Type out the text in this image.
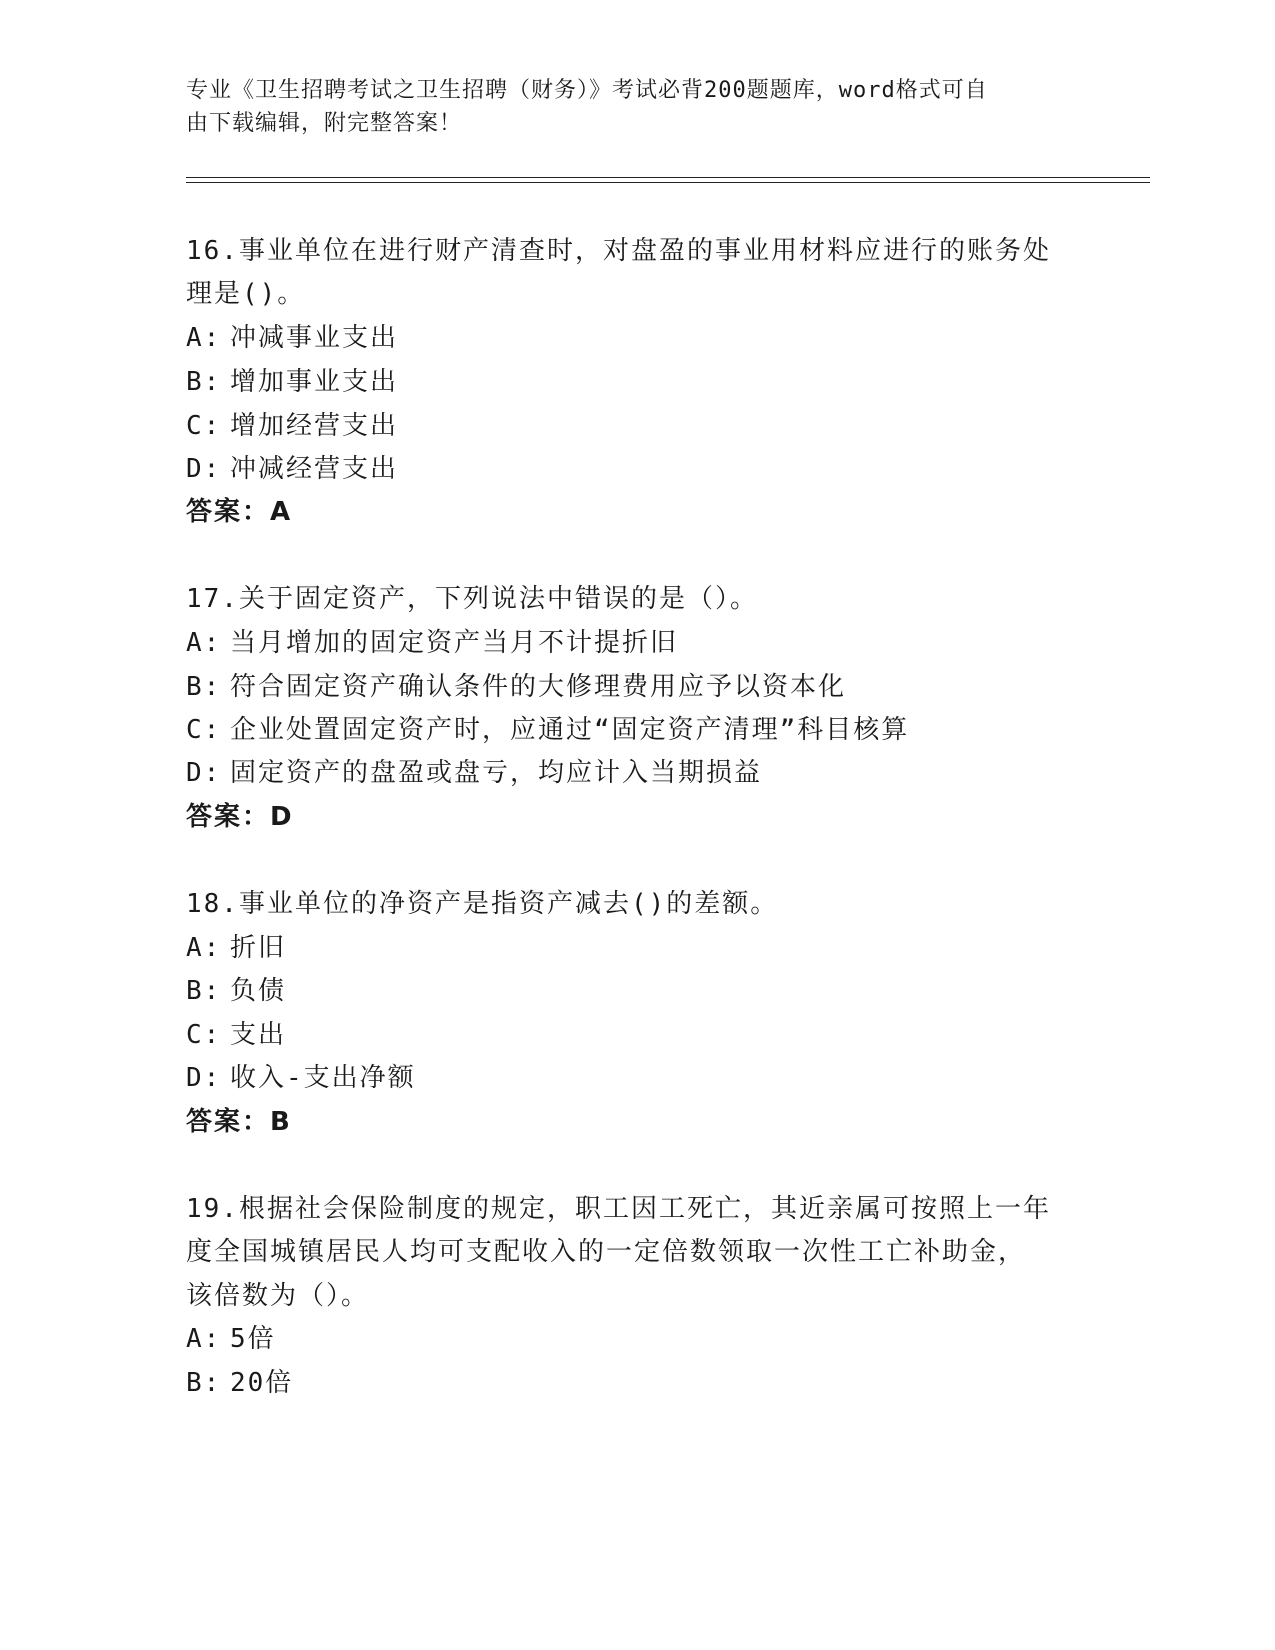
专业《卫生招聘考试之卫生招聘（财务）》考试必背200题题库，word格式可自
由下载编辑，附完整答案！
16.事业单位在进行财产清查时，对盘盈的事业用材料应进行的账务处
理是()。
A: 冲减事业支出
B: 增加事业支出
C: 增加经营支出
D: 冲减经营支出
答案：A
17.关于固定资产，下列说法中错误的是（）。
A: 当月增加的固定资产当月不计提折旧
B: 符合固定资产确认条件的大修理费用应予以资本化
C: 企业处置固定资产时，应通过“固定资产清理”科目核算
D: 固定资产的盘盈或盘亏，均应计入当期损益
答案：D
18.事业单位的净资产是指资产减去()的差额。
A: 折旧
B: 负债
C: 支出
D: 收入-支出净额
答案：B
19.根据社会保险制度的规定，职工因工死亡，其近亲属可按照上一年
度全国城镇居民人均可支配收入的一定倍数领取一次性工亡补助金，
该倍数为（）。
A: 5倍
B: 20倍
